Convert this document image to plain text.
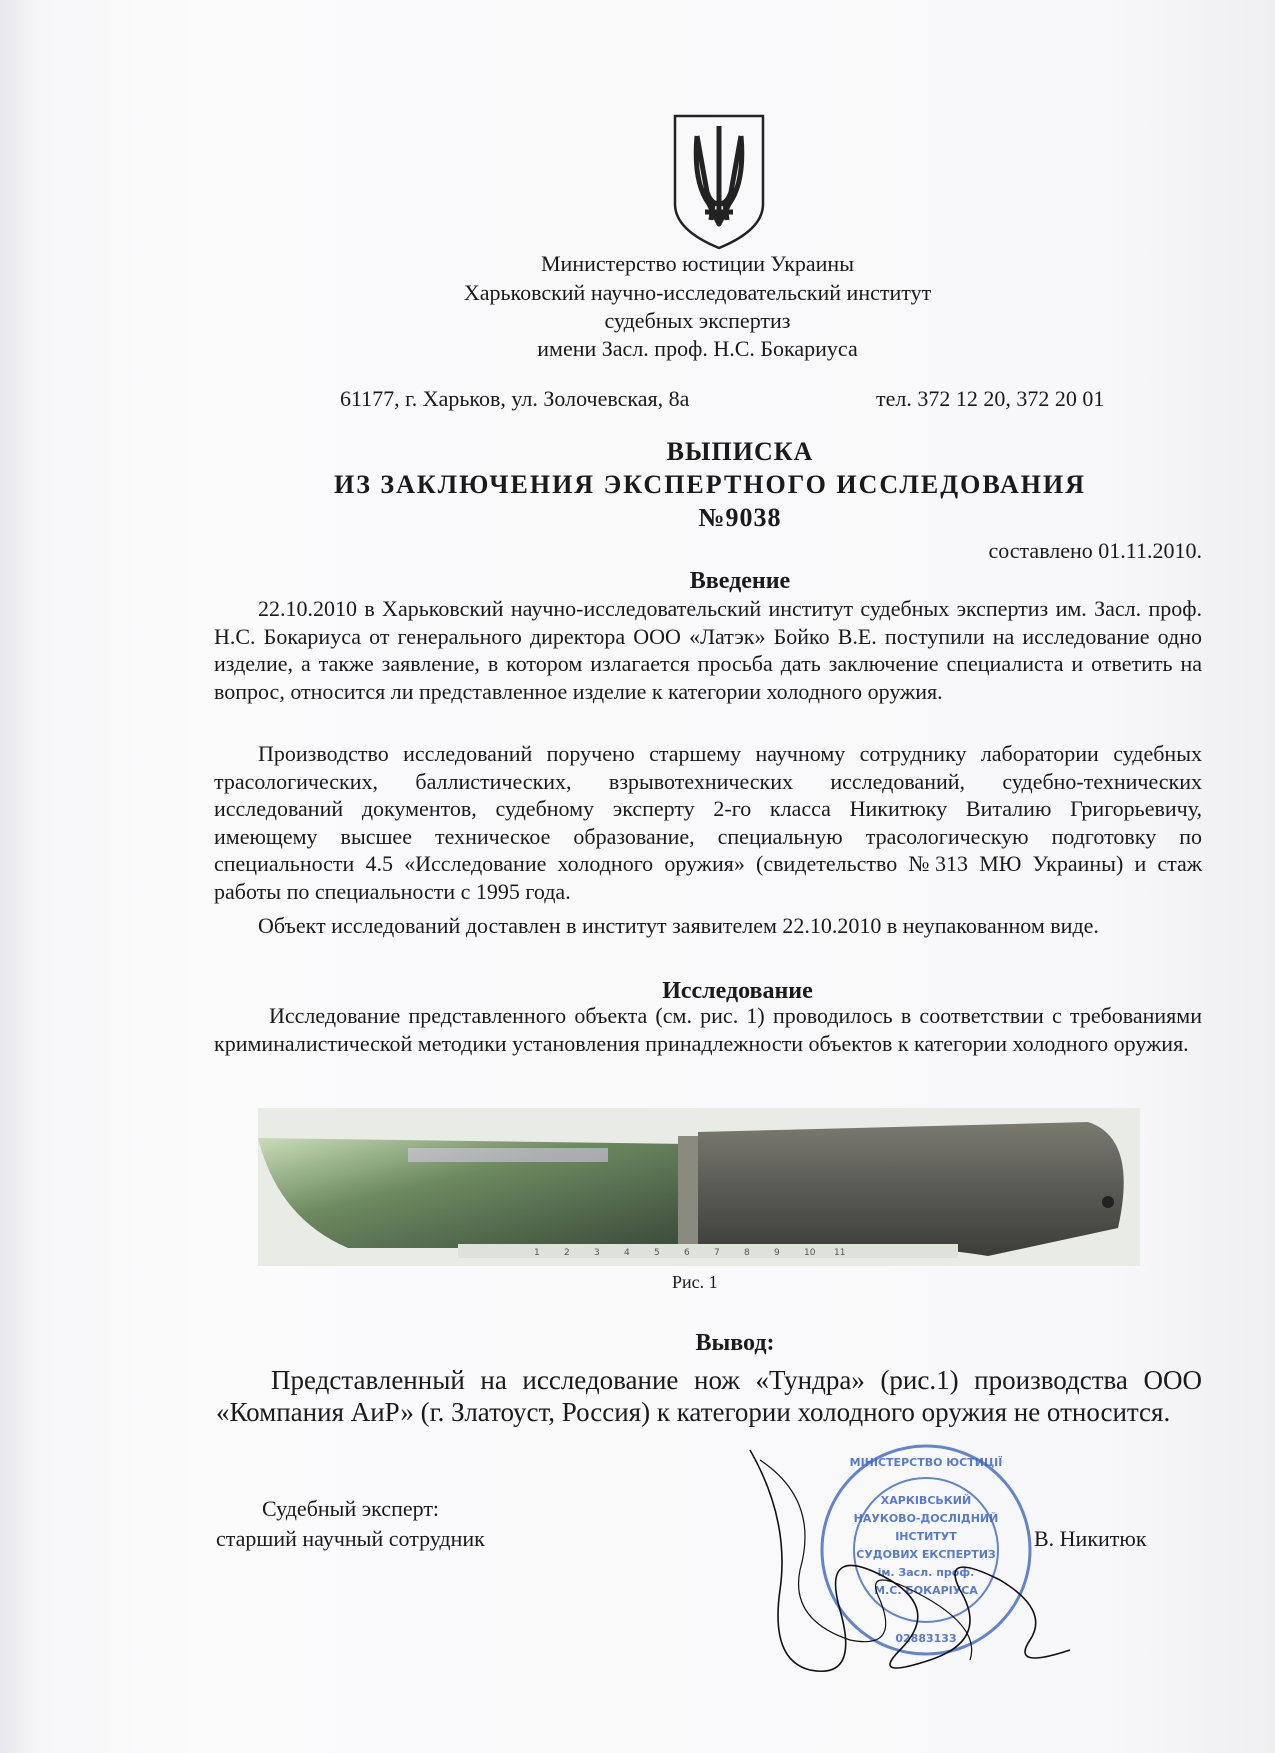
Министерство юстиции Украины
Харьковский научно-исследовательский институт
судебных экспертиз
имени Засл. проф. Н.С. Бокариуса
61177, г. Харьков, ул. Золочевская, 8а	тел. 372 12 20, 372 20 01
ВЫПИСКА
ИЗ ЗАКЛЮЧЕНИЯ ЭКСПЕРТНОГО ИССЛЕДОВАНИЯ
№9038
составлено 01.11.2010.
Введение

22.10.2010 в Харьковский научно-исследовательский институт судебных экспертиз им. Засл. проф. Н.С. Бокариуса от генерального директора ООО «Латэк» Бойко В.Е. поступили на исследование одно изделие, а также заявление, в котором излагается просьба дать заключение специалиста и ответить на вопрос, относится ли представленное изделие к категории холодного оружия.

Производство исследований поручено старшему научному сотруднику лаборатории судебных трасологических, баллистических, взрывотехнических исследований, судебно-технических исследований документов, судебному эксперту 2-го класса Никитюку Виталию Григорьевичу, имеющему высшее техническое образование, специальную трасологическую подготовку по специальности 4.5 «Исследование холодного оружия» (свидетельство №313 МЮ Украины) и стаж работы по специальности с 1995 года.

Объект исследований доставлен в институт заявителем 22.10.2010 в неупакованном виде.

Исследование

Исследование представленного объекта (см. рис. 1) проводилось в соответствии с требованиями криминалистической методики установления принадлежности объектов к категории холодного оружия.

1	2	3	4	5	6	7	8	9	10 11
Рис. 1
Вывод:

Представленный на исследование нож «Тундра» (рис.1) производства ООО «Компания АиР» (г. Златоуст, Россия) к категории холодного оружия не относится.

Судебный эксперт:
старший научный сотрудник	В. Никитюк
МІНІСТЕРСТВО ЮСТИЦІЇ
ХАРКІВСЬКИЙ
НАУКОВО-ДОСЛІДНИЙ
ІНСТИТУТ
СУДОВИХ ЕКСПЕРТИЗ
ім. Засл. проф.
М.С. БОКАРІУСА
02883133
